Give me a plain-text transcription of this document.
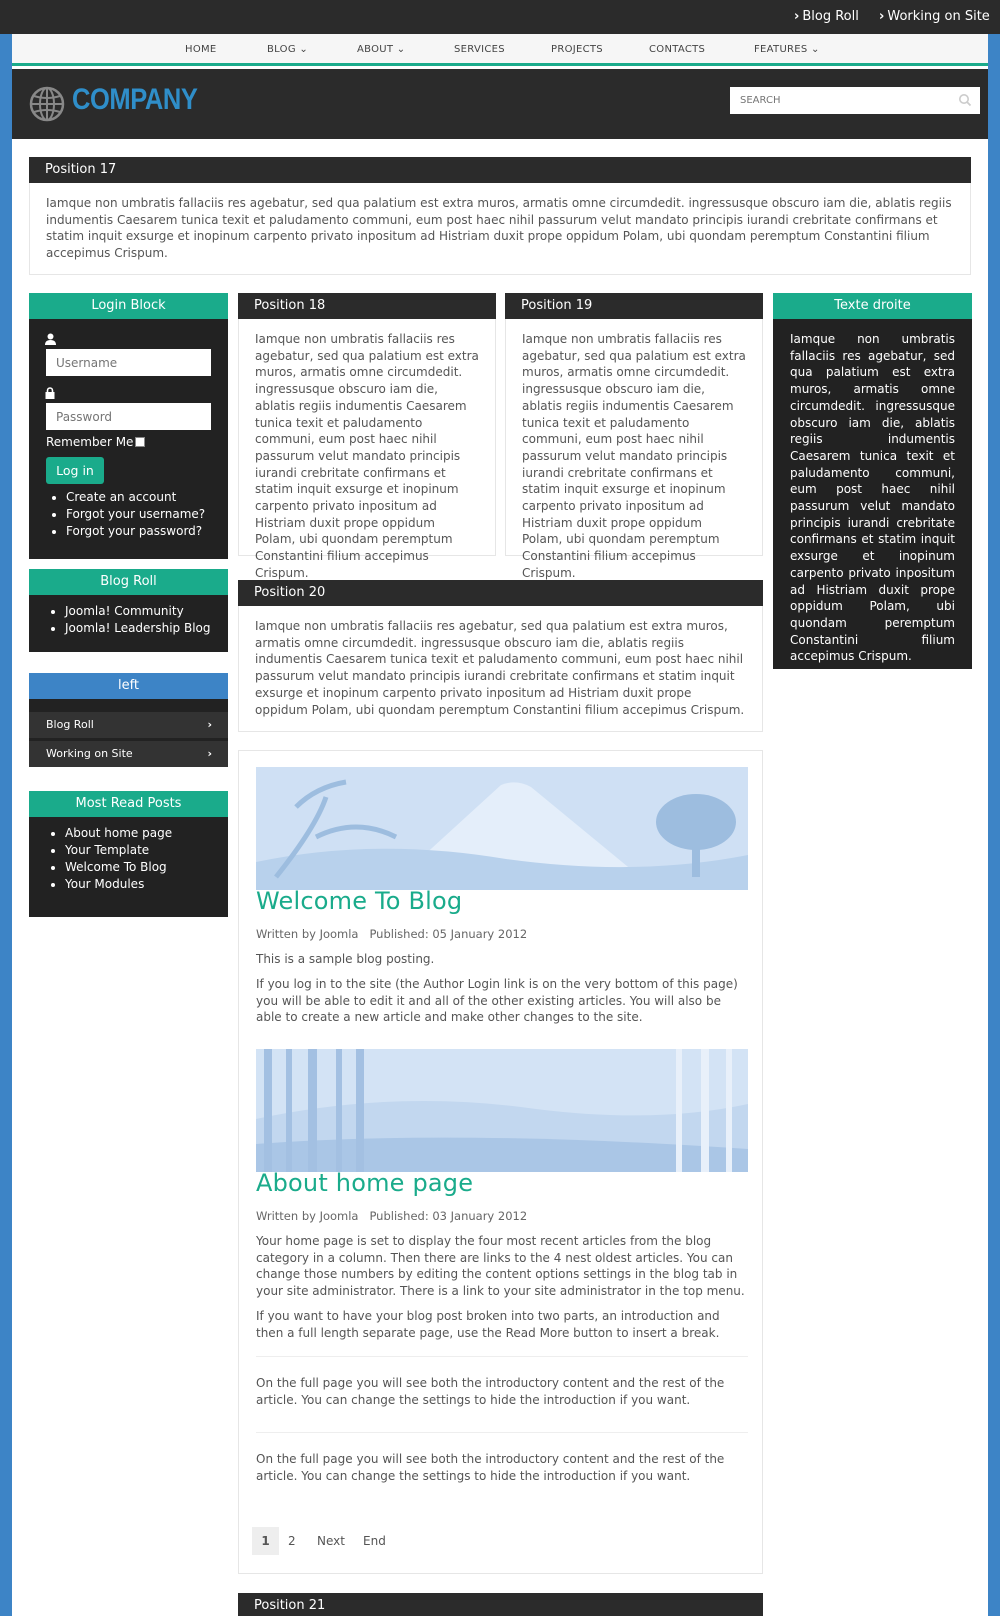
› Blog Roll › Working on Site
HOME	BLOG ⌄	ABOUT ⌄	SERVICES	PROJECTS	CONTACTS	FEATURES ⌄
COMPANY
SEARCH
Position 17
Iamque non umbratis fallaciis res agebatur, sed qua palatium est extra muros, armatis omne circumdedit. ingressusque obscuro iam die, ablatis regiis indumentis Caesarem tunica texit et paludamento communi, eum post haec nihil passurum velut mandato principis iurandi crebritate confirmans et statim inquit exsurge et inopinum carpento privato inpositum ad Histriam duxit prope oppidum Polam, ubi quondam peremptum Constantini filium accepimus Crispum.
Login Block
Username
Password
Remember Me
Log in
• Create an account
• Forgot your username?
• Forgot your password?
Blog Roll
• Joomla! Community
• Joomla! Leadership Blog
left
Blog Roll	›
Working on Site	›
Most Read Posts
• About home page
• Your Template
• Welcome To Blog
• Your Modules
Position 18
Iamque non umbratis fallaciis res agebatur, sed qua palatium est extra muros, armatis omne circumdedit. ingressusque obscuro iam die, ablatis regiis indumentis Caesarem tunica texit et paludamento communi, eum post haec nihil passurum velut mandato principis iurandi crebritate confirmans et statim inquit exsurge et inopinum carpento privato inpositum ad Histriam duxit prope oppidum Polam, ubi quondam peremptum Constantini filium accepimus Crispum.
Position 19
Iamque non umbratis fallaciis res agebatur, sed qua palatium est extra muros, armatis omne circumdedit. ingressusque obscuro iam die, ablatis regiis indumentis Caesarem tunica texit et paludamento communi, eum post haec nihil passurum velut mandato principis iurandi crebritate confirmans et statim inquit exsurge et inopinum carpento privato inpositum ad Histriam duxit prope oppidum Polam, ubi quondam peremptum Constantini filium accepimus Crispum.
Texte droite
Iamque non umbratis fallaciis res agebatur, sed qua palatium est extra muros, armatis omne circumdedit. ingressusque obscuro iam die, ablatis regiis indumentis Caesarem tunica texit et paludamento communi, eum post haec nihil passurum velut mandato principis iurandi crebritate confirmans et statim inquit exsurge et inopinum carpento privato inpositum ad Histriam duxit prope oppidum Polam, ubi quondam peremptum Constantini filium accepimus Crispum.
Position 20
Iamque non umbratis fallaciis res agebatur, sed qua palatium est extra muros, armatis omne circumdedit. ingressusque obscuro iam die, ablatis regiis indumentis Caesarem tunica texit et paludamento communi, eum post haec nihil passurum velut mandato principis iurandi crebritate confirmans et statim inquit exsurge et inopinum carpento privato inpositum ad Histriam duxit prope oppidum Polam, ubi quondam peremptum Constantini filium accepimus Crispum.
Welcome To Blog
Written by Joomla Published: 05 January 2012
This is a sample blog posting.
If you log in to the site (the Author Login link is on the very bottom of this page) you will be able to edit it and all of the other existing articles. You will also be able to create a new article and make other changes to the site.
About home page
Written by Joomla Published: 03 January 2012
Your home page is set to display the four most recent articles from the blog category in a column. Then there are links to the 4 nest oldest articles. You can change those numbers by editing the content options settings in the blog tab in your site administrator. There is a link to your site administrator in the top menu.
If you want to have your blog post broken into two parts, an introduction and then a full length separate page, use the Read More button to insert a break.
On the full page you will see both the introductory content and the rest of the article. You can change the settings to hide the introduction if you want.
On the full page you will see both the introductory content and the rest of the article. You can change the settings to hide the introduction if you want.
1	2 Next End
Position 21
